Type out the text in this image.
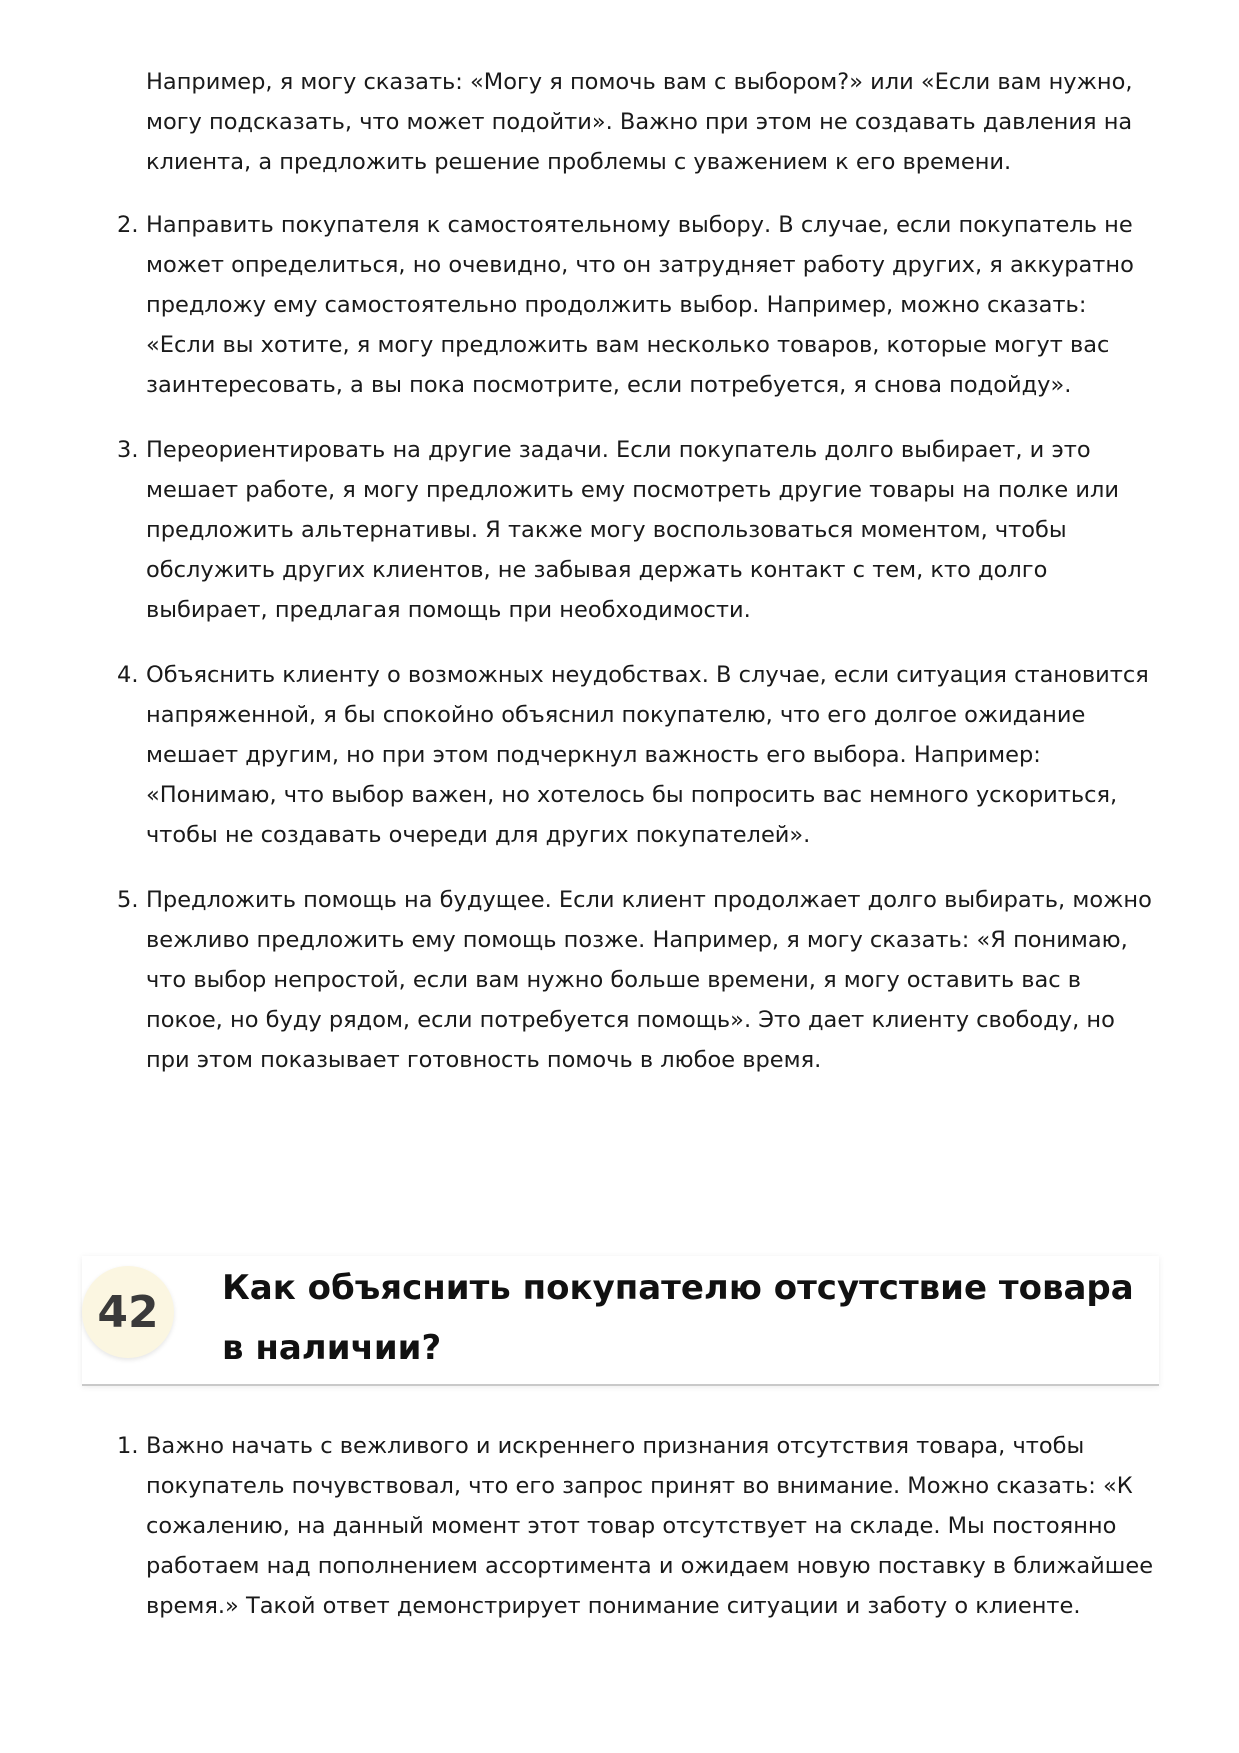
Например, я могу сказать: «Могу я помочь вам с выбором?» или «Если вам нужно, могу подсказать, что может подойти». Важно при этом не создавать давления на клиента, а предложить решение проблемы с уважением к его времени.

2. Направить покупателя к самостоятельному выбору. В случае, если покупатель не может определиться, но очевидно, что он затрудняет работу других, я аккуратно предложу ему самостоятельно продолжить выбор. Например, можно сказать: «Если вы хотите, я могу предложить вам несколько товаров, которые могут вас заинтересовать, а вы пока посмотрите, если потребуется, я снова подойду».
3. Переориентировать на другие задачи. Если покупатель долго выбирает, и это мешает работе, я могу предложить ему посмотреть другие товары на полке или предложить альтернативы. Я также могу воспользоваться моментом, чтобы обслужить других клиентов, не забывая держать контакт с тем, кто долго выбирает, предлагая помощь при необходимости.
4. Объяснить клиенту о возможных неудобствах. В случае, если ситуация становится напряженной, я бы спокойно объяснил покупателю, что его долгое ожидание мешает другим, но при этом подчеркнул важность его выбора. Например: «Понимаю, что выбор важен, но хотелось бы попросить вас немного ускориться, чтобы не создавать очереди для других покупателей».
5. Предложить помощь на будущее. Если клиент продолжает долго выбирать, можно вежливо предложить ему помощь позже. Например, я могу сказать: «Я понимаю, что выбор непростой, если вам нужно больше времени, я могу оставить вас в покое, но буду рядом, если потребуется помощь». Это дает клиенту свободу, но при этом показывает готовность помочь в любое время.
42	Как объяснить покупателю отсутствие товара в наличии?
1. Важно начать с вежливого и искреннего признания отсутствия товара, чтобы покупатель почувствовал, что его запрос принят во внимание. Можно сказать: «К сожалению, на данный момент этот товар отсутствует на складе. Мы постоянно работаем над пополнением ассортимента и ожидаем новую поставку в ближайшее время.» Такой ответ демонстрирует понимание ситуации и заботу о клиенте.
